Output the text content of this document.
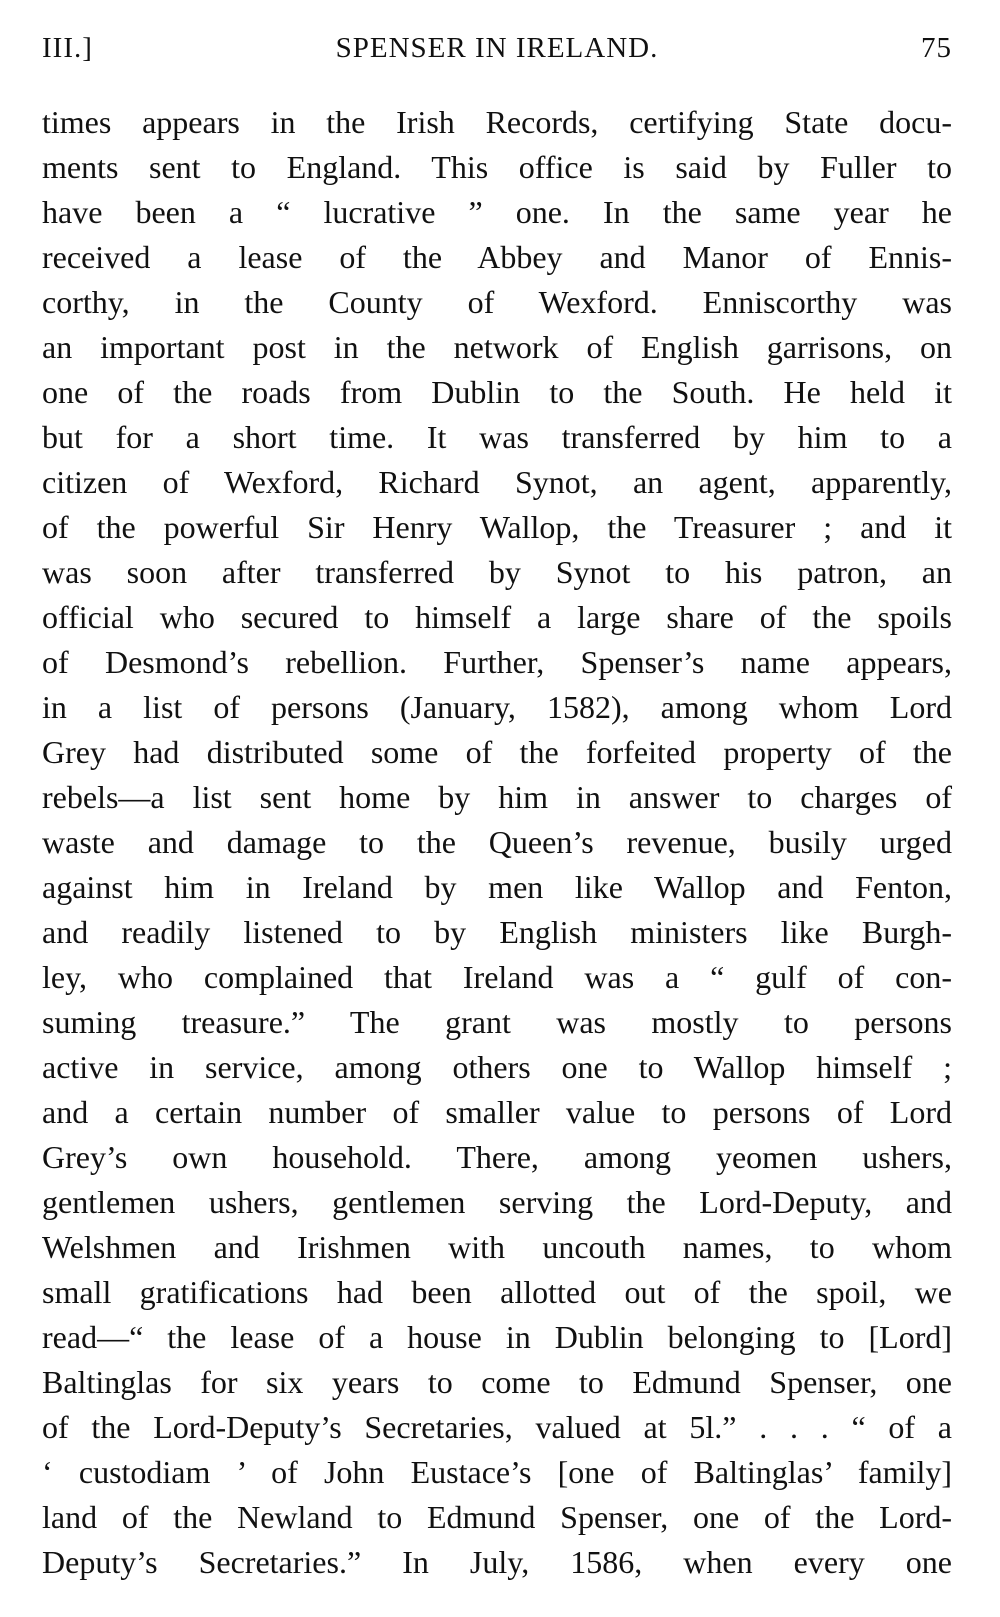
III.]	SPENSER IN IRELAND.	75
times appears in the Irish Records, certifying State docu-
ments sent to England. This office is said by Fuller to
have been a “ lucrative ” one. In the same year he
received a lease of the Abbey and Manor of Ennis-
corthy, in the County of Wexford. Enniscorthy was
an important post in the network of English garrisons, on
one of the roads from Dublin to the South. He held it
but for a short time. It was transferred by him to a
citizen of Wexford, Richard Synot, an agent, apparently,
of the powerful Sir Henry Wallop, the Treasurer ; and it
was soon after transferred by Synot to his patron, an
official who secured to himself a large share of the spoils
of Desmond’s rebellion. Further, Spenser’s name appears,
in a list of persons (January, 1582), among whom Lord
Grey had distributed some of the forfeited property of the
rebels—a list sent home by him in answer to charges of
waste and damage to the Queen’s revenue, busily urged
against him in Ireland by men like Wallop and Fenton,
and readily listened to by English ministers like Burgh-
ley, who complained that Ireland was a “ gulf of con-
suming treasure.” The grant was mostly to persons
active in service, among others one to Wallop himself ;
and a certain number of smaller value to persons of Lord
Grey’s own household. There, among yeomen ushers,
gentlemen ushers, gentlemen serving the Lord-Deputy, and
Welshmen and Irishmen with uncouth names, to whom
small gratifications had been allotted out of the spoil, we
read—“ the lease of a house in Dublin belonging to [Lord]
Baltinglas for six years to come to Edmund Spenser, one
of the Lord-Deputy’s Secretaries, valued at 5l.” . . . “ of a
‘ custodiam ’ of John Eustace’s [one of Baltinglas’ family]
land of the Newland to Edmund Spenser, one of the Lord-
Deputy’s Secretaries.” In July, 1586, when every one
